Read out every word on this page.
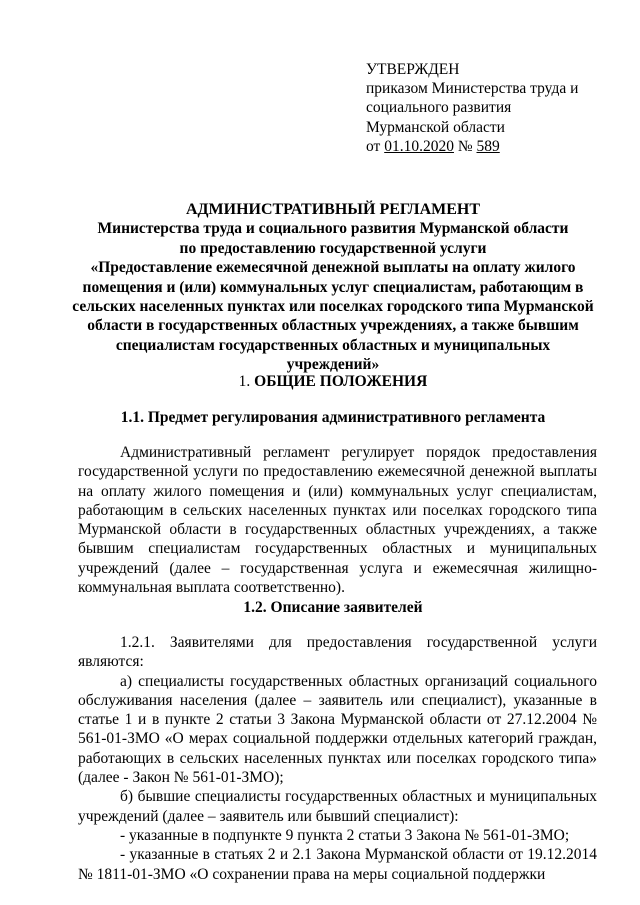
УТВЕРЖДЕН
приказом Министерства труда и
социального развития
Мурманской области
от 01.10.2020 № 589
АДМИНИСТРАТИВНЫЙ РЕГЛАМЕНТ
Министерства труда и социального развития Мурманской области
по предоставлению государственной услуги
«Предоставление ежемесячной денежной выплаты на оплату жилого
помещения и (или) коммунальных услуг специалистам, работающим в
сельских населенных пунктах или поселках городского типа Мурманской
области в государственных областных учреждениях, а также бывшим
специалистам государственных областных и муниципальных учреждений»
1. ОБЩИЕ ПОЛОЖЕНИЯ
1.1. Предмет регулирования административного регламента
Административный регламент регулирует порядок предоставления государственной услуги по предоставлению ежемесячной денежной выплаты на оплату жилого помещения и (или) коммунальных услуг специалистам, работающим в сельских населенных пунктах или поселках городского типа Мурманской области в государственных областных учреждениях, а также бывшим специалистам государственных областных и муниципальных учреждений (далее – государственная услуга и ежемесячная жилищно-коммунальная выплата соответственно).
1.2. Описание заявителей
1.2.1. Заявителями для предоставления государственной услуги являются:
а) специалисты государственных областных организаций социального обслуживания населения (далее – заявитель или специалист), указанные в статье 1 и в пункте 2 статьи 3 Закона Мурманской области от 27.12.2004 № 561-01-ЗМО «О мерах социальной поддержки отдельных категорий граждан, работающих в сельских населенных пунктах или поселках городского типа» (далее - Закон № 561-01-ЗМО);
б) бывшие специалисты государственных областных и муниципальных учреждений (далее – заявитель или бывший специалист):
- указанные в подпункте 9 пункта 2 статьи 3 Закона № 561-01-ЗМО;
- указанные в статьях 2 и 2.1 Закона Мурманской области от 19.12.2014 № 1811-01-ЗМО «О сохранении права на меры социальной поддержки
